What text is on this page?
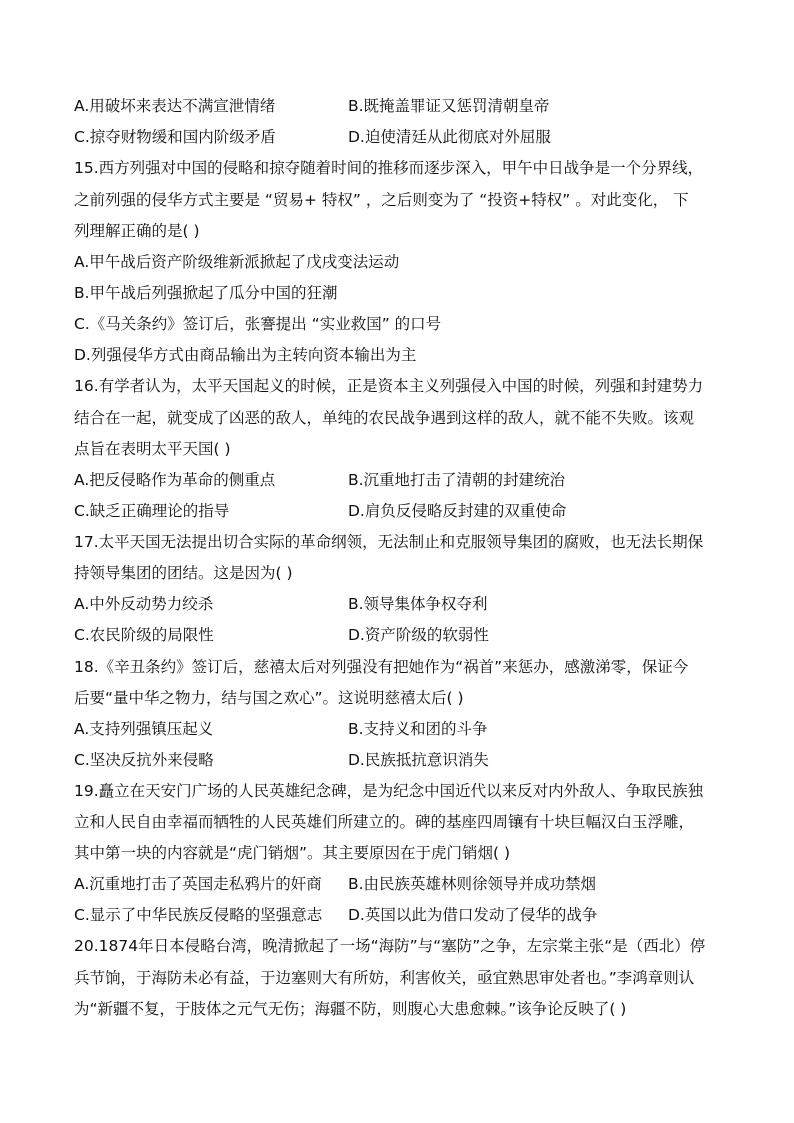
A.用破坏来表达不满宣泄情绪	B.既掩盖罪证又惩罚清朝皇帝
C.掠夺财物缓和国内阶级矛盾	D.迫使清廷从此彻底对外屈服
15.西方列强对中国的侵略和掠夺随着时间的推移而逐步深入，甲午中日战争是一个分界线，
之前列强的侵华方式主要是 “贸易+ 特权” ，之后则变为了 “投资+特权” 。对此变化， 下
列理解正确的是( )
A.甲午战后资产阶级维新派掀起了戊戌变法运动
B.甲午战后列强掀起了瓜分中国的狂潮
C.《马关条约》签订后，张謇提出 “实业救国” 的口号
D.列强侵华方式由商品输出为主转向资本输出为主
16.有学者认为，太平天国起义的时候，正是资本主义列强侵入中国的时候，列强和封建势力
结合在一起，就变成了凶恶的敌人，单纯的农民战争遇到这样的敌人，就不能不失败。该观
点旨在表明太平天国( )
A.把反侵略作为革命的侧重点	B.沉重地打击了清朝的封建统治
C.缺乏正确理论的指导	D.肩负反侵略反封建的双重使命
17.太平天国无法提出切合实际的革命纲领，无法制止和克服领导集团的腐败，也无法长期保
持领导集团的团结。这是因为( )
A.中外反动势力绞杀	B.领导集体争权夺利
C.农民阶级的局限性	D.资产阶级的软弱性
18.《辛丑条约》签订后，慈禧太后对列强没有把她作为“祸首”来惩办，感激涕零，保证今
后要“量中华之物力，结与国之欢心”。这说明慈禧太后( )
A.支持列强镇压起义	B.支持义和团的斗争
C.坚决反抗外来侵略	D.民族抵抗意识消失
19.矗立在天安门广场的人民英雄纪念碑，是为纪念中国近代以来反对内外敌人、争取民族独
立和人民自由幸福而牺牲的人民英雄们所建立的。碑的基座四周镶有十块巨幅汉白玉浮雕，
其中第一块的内容就是“虎门销烟”。其主要原因在于虎门销烟( )
A.沉重地打击了英国走私鸦片的奸商 B.由民族英雄林则徐领导并成功禁烟
C.显示了中华民族反侵略的坚强意志 D.英国以此为借口发动了侵华的战争
20.1874年日本侵略台湾，晚清掀起了一场“海防”与“塞防”之争，左宗棠主张“是（西北）停
兵节饷，于海防未必有益，于边塞则大有所妨，利害攸关，亟宜熟思审处者也。”李鸿章则认
为“新疆不复，于肢体之元气无伤；海疆不防，则腹心大患愈棘。”该争论反映了( )
